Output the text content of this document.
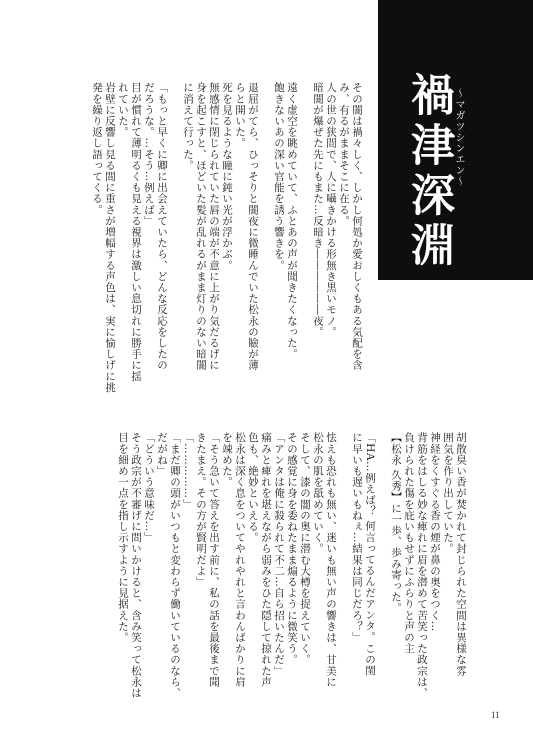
禍津深淵 〜マガツシンエン〜
その闇は禍々しく、しかし何処か愛おしくもある気配を含
み、有るがままそこに在る。
人の世の狭間で、人に囁きかける形無き黒いモノ。
暗闇が爆ぜた先にもまた…反暗き――――――夜。

遠く虚空を眺めていて、ふとあの声が聞きたくなった。
飽きないあの深い官能を誘う響きを。

退屈がてら、ひっそりと闇夜に微睡んでいた松永の瞼が薄
らと開いた。
死を見るような瞳に鈍い光が浮かぶ。
無感情に閉じられていた唇の端が不意に上がり気だるげに
身を起こすと、ほどいた髪が乱れるがまま灯りのない暗闇
に消えて行った。

「もっと早くに卿に出会えていたら、どんな反応をしたの
だろうな。…そう…例えば」
目が慣れて薄明るくも見える視界は激しい息切れに勝手に揺
れていた。
岩壁に反響し見る間に重さが増幅する声色は、実に愉しげに挑
発を繰り返し語ってくる。
胡散臭い香が焚かれて封じられた空間は異様な雰
囲気を作り出していた。
神経をくすぐる香の煙が鼻の奥をつく…
背筋をはしる妙な痺れに眉を潜めて苦笑った政宗は、
負けられた傷を庇いもせずにふらりと声の主
【松永 久秀】に一歩、歩み寄った。

「HA…例えば？ 何言ってるんだアンタ。この閨
に早いも遅いもねぇ…結果は同じだろ？」

怯えも恐れも無い、迷いも無い声の響きは、甘美に
松永の肌を舐めていく。
そして、漆の闇の奥に潜む大樽を捉えていく。
その感覚に身を委ねたまま煽るように微笑う。
「アンタは俺に殺られて不二…自ら招いたんだ」
痛みと痺れを堪えながら弱みをひた隠して掠れた声
色も、絶妙といえる。
松永は深く息をついてやれやれと言わんばかりに肩
を竦めた。
「そう急いて答えを出す前に、私の話を最後まで聞
きたまえ。その方が賢明だよ」
「……………」
「まだ卿の頭がいつもと変わらず働いているのなら、
だがね」
「どういう意味だ…」
そう政宗が不審げに問いかけると、含み笑って松永は
目を細め一点を指し示すように見据えた。
11
